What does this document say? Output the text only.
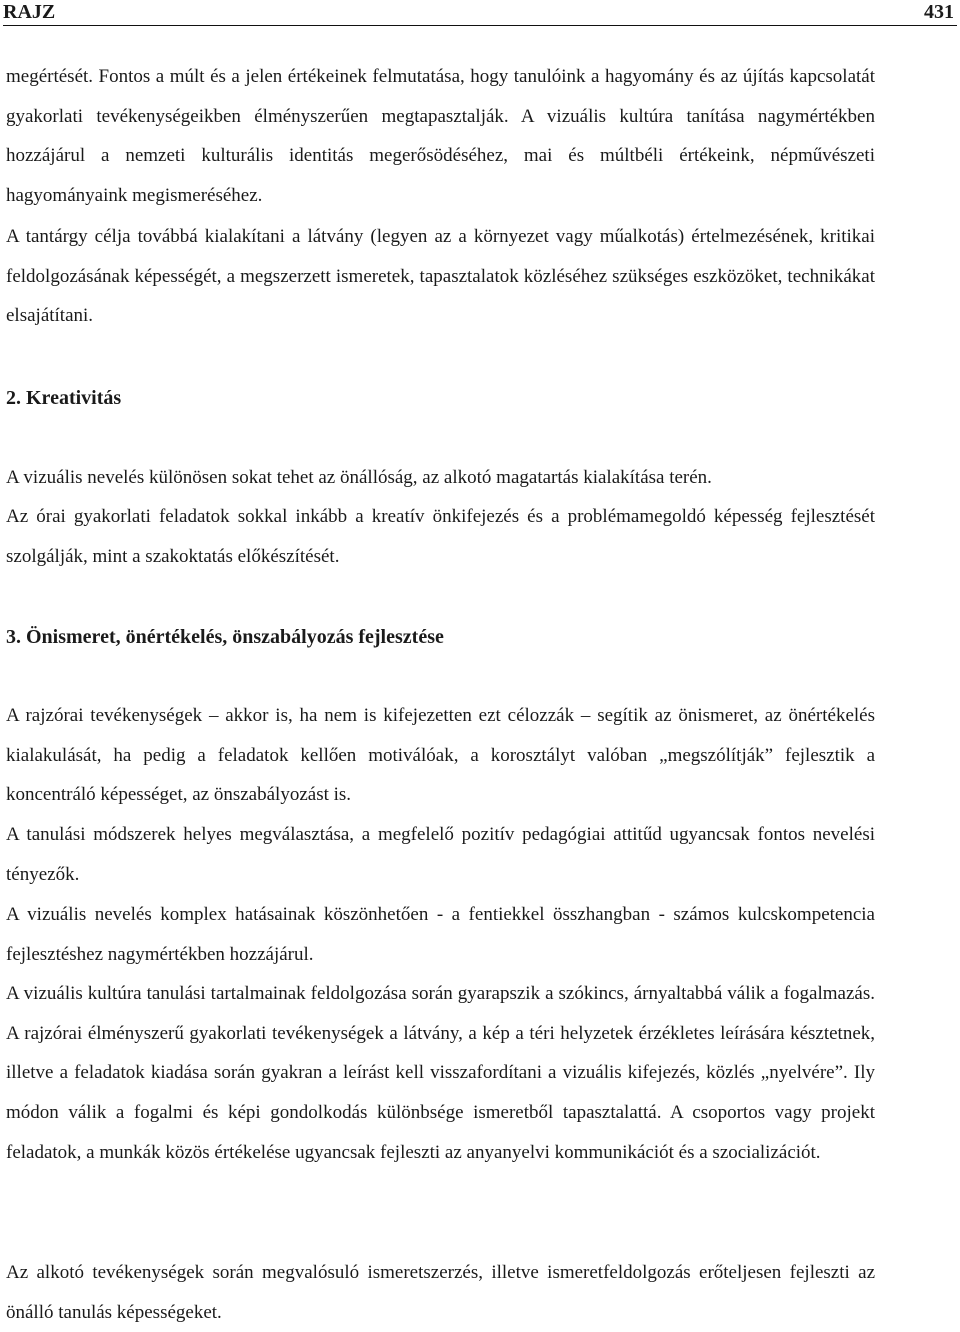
RAJZ	431

megértését. Fontos a múlt és a jelen értékeinek felmutatása, hogy tanulóink a hagyomány és az újítás kapcsolatát gyakorlati tevékenységeikben élményszerűen megtapasztalják. A vizuális kultúra tanítása nagymértékben hozzájárul a nemzeti kulturális identitás megerősödéséhez, mai és múltbéli értékeink, népművészeti hagyományaink megismeréséhez.

A tantárgy célja továbbá kialakítani a látvány (legyen az a környezet vagy műalkotás) értelmezésének, kritikai feldolgozásának képességét, a megszerzett ismeretek, tapasztalatok közléséhez szükséges eszközöket, technikákat elsajátítani.

2. Kreativitás

A vizuális nevelés különösen sokat tehet az önállóság, az alkotó magatartás kialakítása terén.

Az órai gyakorlati feladatok sokkal inkább a kreatív önkifejezés és a problémamegoldó képesség fejlesztését szolgálják, mint a szakoktatás előkészítését.

3. Önismeret, önértékelés, önszabályozás fejlesztése

A rajzórai tevékenységek – akkor is, ha nem is kifejezetten ezt célozzák – segítik az önismeret, az önértékelés kialakulását, ha pedig a feladatok kellően motiválóak, a korosztályt valóban „megszólítják” fejlesztik a koncentráló képességet, az önszabályozást is.

A tanulási módszerek helyes megválasztása, a megfelelő pozitív pedagógiai attitűd ugyancsak fontos nevelési tényezők.

A vizuális nevelés komplex hatásainak köszönhetően - a fentiekkel összhangban - számos kulcskompetencia fejlesztéshez nagymértékben hozzájárul.

A vizuális kultúra tanulási tartalmainak feldolgozása során gyarapszik a szókincs, árnyaltabbá válik a fogalmazás. A rajzórai élményszerű gyakorlati tevékenységek a látvány, a kép a téri helyzetek érzékletes leírására késztetnek, illetve a feladatok kiadása során gyakran a leírást kell visszafordítani a vizuális kifejezés, közlés „nyelvére”. Ily módon válik a fogalmi és képi gondolkodás különbsége ismeretből tapasztalattá. A csoportos vagy projekt feladatok, a munkák közös értékelése ugyancsak fejleszti az anyanyelvi kommunikációt és a szocializációt.

Az alkotó tevékenységek során megvalósuló ismeretszerzés, illetve ismeretfeldolgozás erőteljesen fejleszti az önálló tanulás képességeket.
